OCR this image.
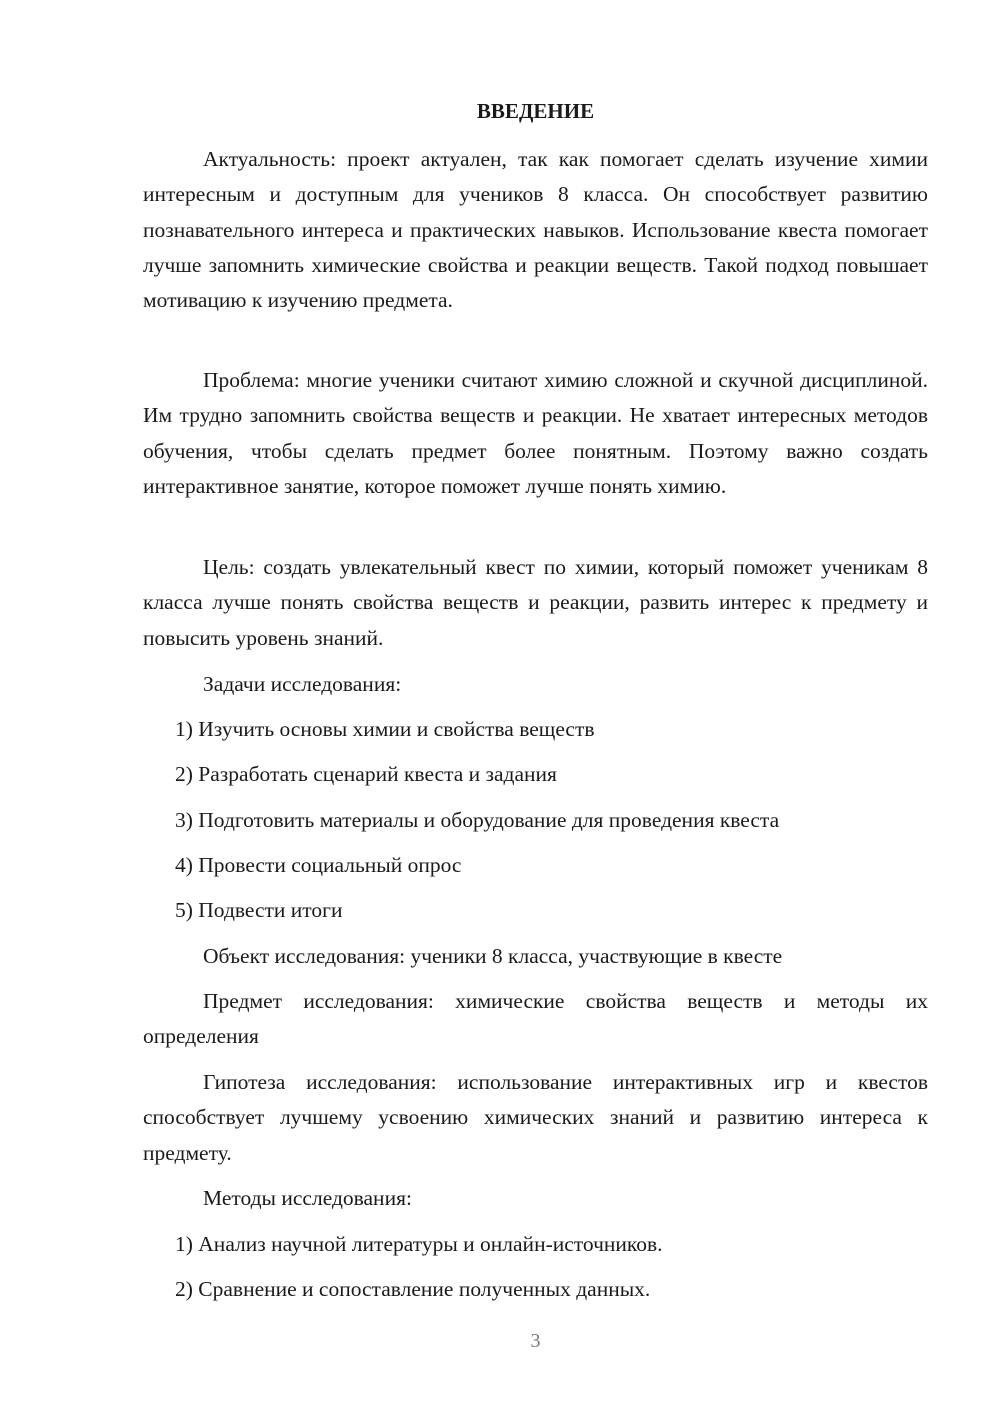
ВВЕДЕНИЕ

Актуальность: проект актуален, так как помогает сделать изучение химии интересным и доступным для учеников 8 класса. Он способствует развитию познавательного интереса и практических навыков. Использование квеста помогает лучше запомнить химические свойства и реакции веществ. Такой подход повышает мотивацию к изучению предмета.

Проблема: многие ученики считают химию сложной и скучной дисциплиной. Им трудно запомнить свойства веществ и реакции. Не хватает интересных методов обучения, чтобы сделать предмет более понятным. Поэтому важно создать интерактивное занятие, которое поможет лучше понять химию.

Цель: создать увлекательный квест по химии, который поможет ученикам 8 класса лучше понять свойства веществ и реакции, развить интерес к предмету и повысить уровень знаний.

Задачи исследования:

1) Изучить основы химии и свойства веществ

2) Разработать сценарий квеста и задания

3) Подготовить материалы и оборудование для проведения квеста

4) Провести социальный опрос

5) Подвести итоги

Объект исследования: ученики 8 класса, участвующие в квесте

Предмет исследования: химические свойства веществ и методы их определения

Гипотеза исследования: использование интерактивных игр и квестов способствует лучшему усвоению химических знаний и развитию интереса к предмету.

Методы исследования:

1) Анализ научной литературы и онлайн-источников.

2) Сравнение и сопоставление полученных данных.

3
